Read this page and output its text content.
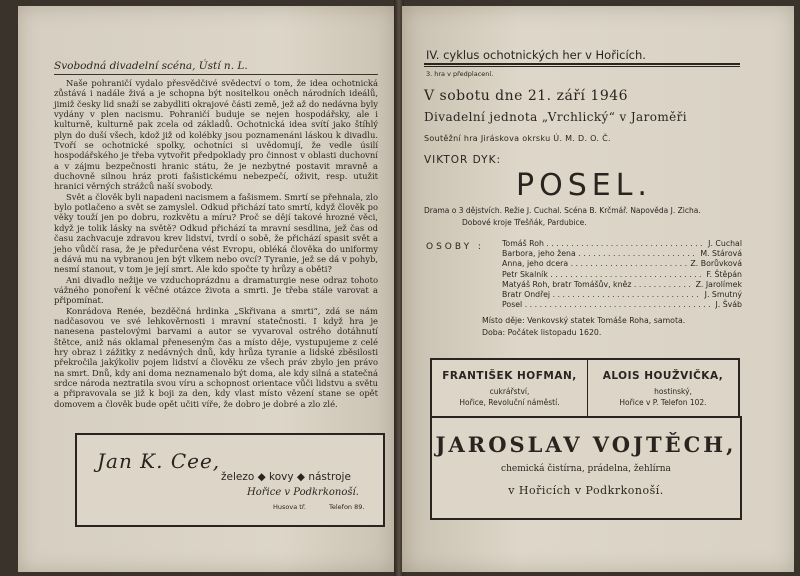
Svobodná divadelní scéna, Ústí n. L.

Naše pohraničí vydalo přesvědčivé svědectví o tom, že idea ochotnická zůstává i nadále živá a je schopna být nositelkou oněch národních ideálů, jimiž česky lid snaží se zabydliti okrajové části země, jež až do nedávna byly vydány v plen nacismu. Pohraničí buduje se nejen hospodářsky, ale i kulturně, kulturně pak zcela od základů. Ochotnická idea svítí jako štíhlý plyn do duší všech, kdož již od kolébky jsou poznamenáni láskou k divadlu. Tvoří se ochotnické spolky, ochotníci si uvědomují, že vedle úsilí hospodářského je třeba vytvořit předpoklady pro činnost v oblasti duchovní a v zájmu bezpečnosti hranic státu, že je nezbytné postavit mravně a duchovně silnou hráz proti fašistickému nebezpečí, oživit, resp. utužit hranici věrných strážců naší svobody.

Svět a člověk byli napadeni nacismem a fašismem. Smrtí se přehnala, zlo bylo potlačeno a svět se zamyslel. Odkud přichází tato smrtí, když člověk po věky touží jen po dobru, rozkvětu a míru? Proč se dějí takové hrozné věci, když je tolik lásky na světě? Odkud přichází ta mravní sesdlina, jež čas od času zachvacuje zdravou krev lidství, tvrdí o sobě, že přichází spasit svět a jeho vůdčí rasa, že je předurčena vést Evropu, obléká člověka do uniformy a dává mu na vybranou jen být vlkem nebo ovcí? Tyranie, jež se dá v pohyb, nesmí stanout, v tom je její smrt. Ale kdo spočte ty hrůzy a oběti?

Ani divadlo nežije ve vzduchoprázdnu a dramaturgie nese odraz tohoto vážného ponoření k věčné otázce života a smrti. Je třeba stále varovat a připomínat.

Konrádova Renée, bezděčná hrdinka „Skřivana a smrti“, zdá se nám nadčasovou ve své lehkověrnosti i mravní statečnosti. I když hra je nanesena pastelovými barvami a autor se vyvaroval ostrého dotáhnutí štětce, aniž nás oklamal přeneseným čas a místo děje, vystupujeme z celé hry obraz i zážitky z nedávných dnů, kdy hrůza tyranie a lidské zběsilosti překročila jakýkoliv pojem lidství a člověku ze všech práv zbylo jen právo na smrt. Dnů, kdy ani doma neznamenalo být doma, ale kdy silná a statečná srdce národa neztratila svou víru a schopnost orientace vůči lidstvu a světu a připravovala se již k boji za den, kdy vlast místo vězení stane se opět domovem a člověk bude opět učiti víře, že dobro je dobré a zlo zlé.

Jan K. Cee,
železo ◆ kovy ◆ nástroje
Hořice v Podkrkonoší.
Husova tř.	Telefon 89.
IV. cyklus ochotnických her v Hořicích.
3. hra v předplacení.
V sobotu dne 21. září 1946
Divadelní jednota „Vrchlický“ v Jaroměři
Soutěžní hra Jiráskova okrsku Ú. M. D. O. Č.
VIKTOR DYK:
POSEL.
Drama o 3 dějstvích. Režie J. Cuchal. Scéna B. Krčmář. Napověda J. Zicha.
Dobové kroje Třešňák, Pardubice.
OSOBY : Tomáš Roh . . .	J. Cuchal
Barbora, jeho žena . . .	M. Stárová
Anna, jeho dcera . . .	Z. Borůvková
Petr Skalník . . .	F. Štěpán
Matyáš Roh, bratr Tomášův, kněz . . .	Z. Jarolímek
Bratr Ondřej . . .	J. Smutný
Posel . . .	J. Šváb
Místo děje: Venkovský statek Tomáše Roha, samota.
Doba: Počátek listopadu 1620.
FRANTIŠEK HOFMAN,
cukrářství,
Hořice, Revoluční náměstí.
ALOIS HOUŽVIČKA,
hostinský,
Hořice v P. Telefon 102.
JAROSLAV VOJTĚCH,
chemická čistírna, prádelna, žehlírna
v Hořicích v Podkrkonoší.
